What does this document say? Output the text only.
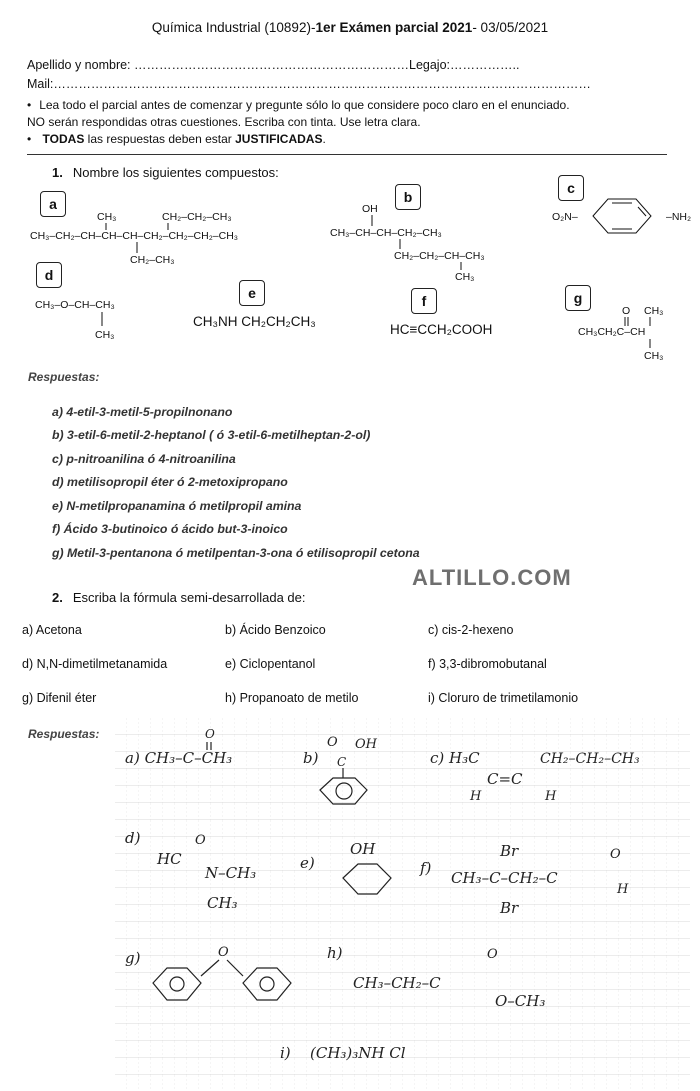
Química Industrial (10892)-1er Exámen parcial 2021- 03/05/2021
Apellido y nombre: …………………………………………………………Legajo:……………..
Mail:…………………………………………………………………………………………………………………
• Lea todo el parcial antes de comenzar y pregunte sólo lo que considere poco claro en el enunciado.
NO serán respondidas otras cuestiones. Escriba con tinta. Use letra clara.
• TODAS las respuestas deben estar JUSTIFICADAS.
1. Nombre los siguientes compuestos:
a	b
c
d
e	f	g
CH₃–CH₂–CH–CH–CH–CH₂–CH₂–CH₂–CH₃
CH₃	CH₂–CH₂–CH₃
CH₂–CH₃
OH
CH₃–CH–CH–CH₂–CH₃
CH₂–CH₂–CH–CH₃
CH₃
O₂N–	–NH₂
CH₃–O–CH–CH₃
CH₃
CH₃NH CH₂CH₂CH₃
HC≡CCH₂COOH
O CH₃
CH₃CH₂C–CH
CH₃
Respuestas:
a) 4-etil-3-metil-5-propilnonano
b) 3-etil-6-metil-2-heptanol ( ó 3-etil-6-metilheptan-2-ol)
c) p-nitroanilina ó 4-nitroanilina
d) metilisopropil éter ó 2-metoxipropano
e) N-metilpropanamina ó metilpropil amina
f) Ácido 3-butinoico ó ácido but-3-inoico
g) Metil-3-pentanona ó metilpentan-3-ona ó etilisopropil cetona
ALTILLO.COM
2. Escriba la fórmula semi-desarrollada de:
a) Acetona	b) Ácido Benzoico	c) cis-2-hexeno
d) N,N-dimetilmetanamida	e) Ciclopentanol	f) 3,3-dibromobutanal
g) Difenil éter	h) Propanoato de metilo	i) Cloruro de trimetilamonio
Respuestas:
a) CH₃–C–CH₃
O
b)
O OH
C	c) H₃C	CH₂–CH₂–CH₃
C=C
H	H
d)
HC
O
N–CH₃
CH₃
e)
OH
f)
Br
CH₃–C–CH₂–C
Br
O
H
g)	O	h)
CH₃–CH₂–C
O
O–CH₃
i) (CH₃)₃NH Cl
